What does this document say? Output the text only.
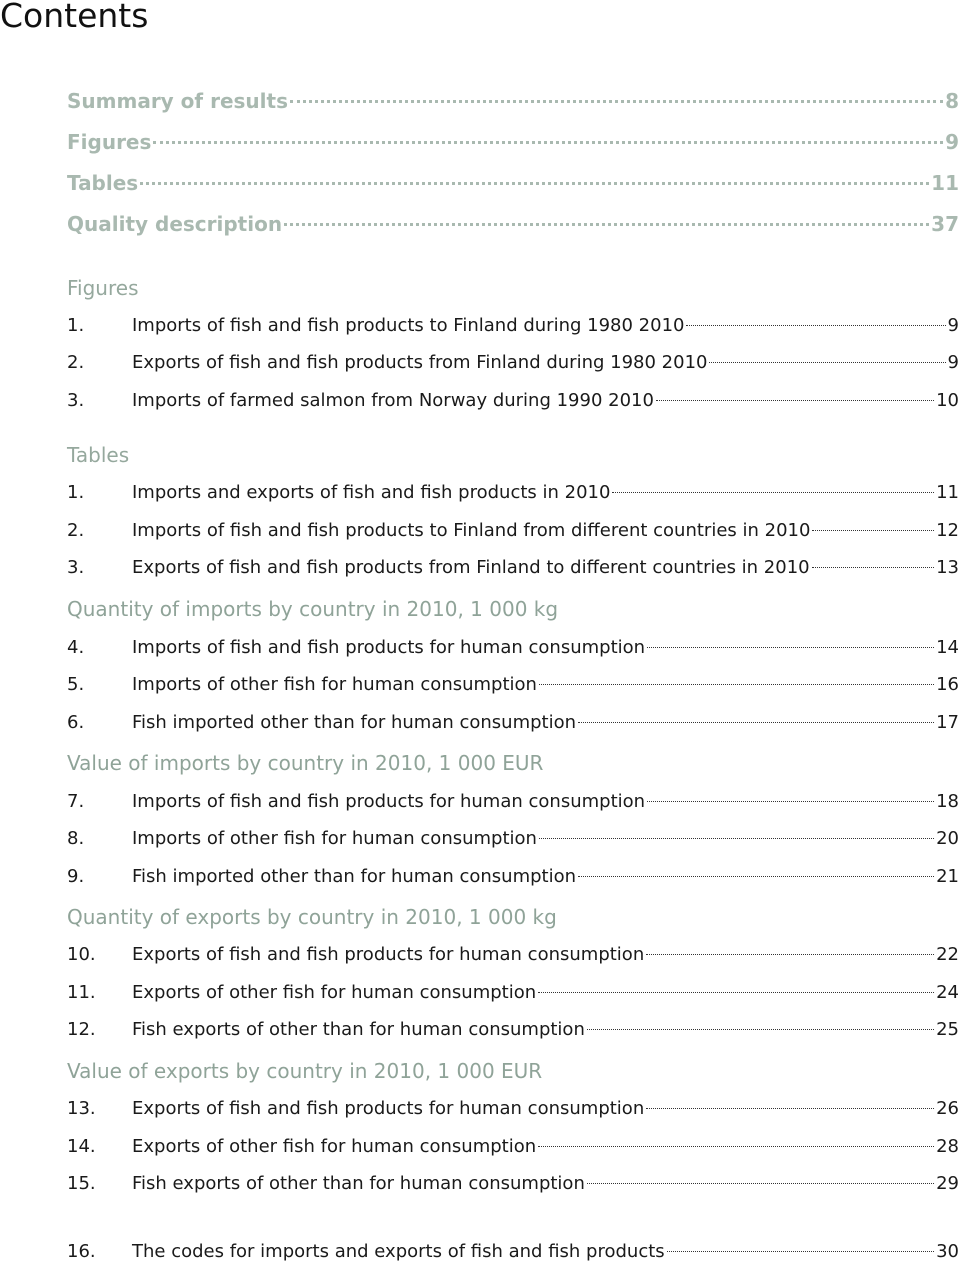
Contents
Summary of results	8
Figures	9
Tables	11
Quality description	37
Figures
1.	Imports of fish and fish products to Finland during 1980 2010	9
2.	Exports of fish and fish products from Finland during 1980 2010	9
3.	Imports of farmed salmon from Norway during 1990 2010	10
Tables
1.	Imports and exports of fish and fish products in 2010	11
2.	Imports of fish and fish products to Finland from different countries in 2010	12
3.	Exports of fish and fish products from Finland to different countries in 2010	13
Quantity of imports by country in 2010, 1 000 kg
4.	Imports of fish and fish products for human consumption	14
5.	Imports of other fish for human consumption	16
6.	Fish imported other than for human consumption	17
Value of imports by country in 2010, 1 000 EUR
7.	Imports of fish and fish products for human consumption	18
8.	Imports of other fish for human consumption	20
9.	Fish imported other than for human consumption	21
Quantity of exports by country in 2010, 1 000 kg
10. Exports of fish and fish products for human consumption	22
11. Exports of other fish for human consumption	24
12. Fish exports of other than for human consumption	25
Value of exports by country in 2010, 1 000 EUR
13. Exports of fish and fish products for human consumption	26
14. Exports of other fish for human consumption	28
15. Fish exports of other than for human consumption	29
16. The codes for imports and exports of fish and fish products	30
